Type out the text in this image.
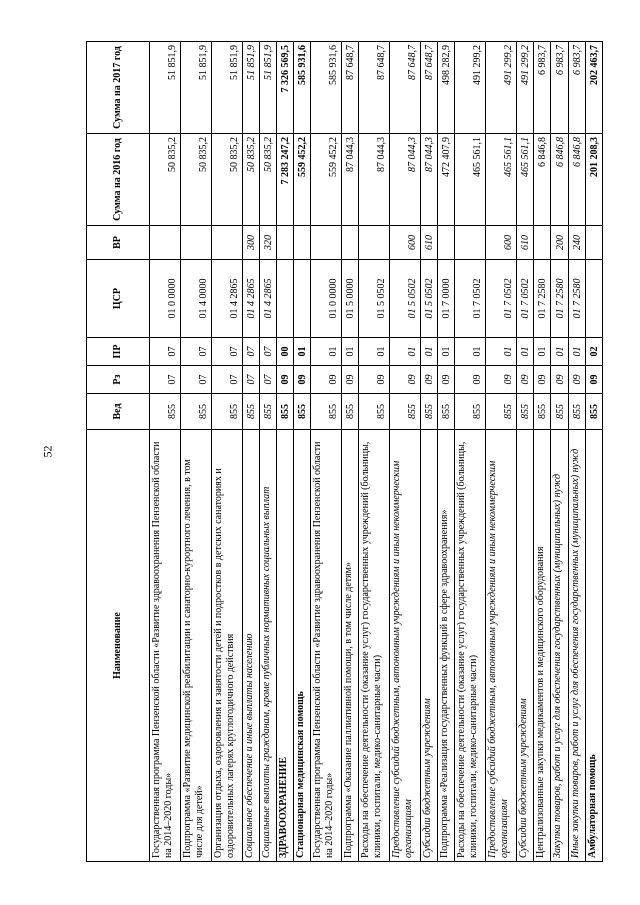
52
Наименование	Вед	Рз	ПР	ЦСР	ВР	Сумма на 2016 год	Сумма на 2017 год
Государственная программа Пензенской области «Развитие здравоохранения Пензенской области на 2014–2020 годы»	855	07	07	01 0 0000		50 835,2	51 851,9
Подпрограмма «Развитие медицинской реабилитации и санаторно-курортного лечения, в том числе для детей»	855	07	07	01 4 0000		50 835,2	51 851,9
Организация отдыха, оздоровления и занятости детей и подростков в детских санаториях и оздоровительных лагерях круглогодичного действия	855	07	07	01 4 2865		50 835,2	51 851,9
Социальное обеспечение и иные выплаты населению	855	07	07	01 4 2865	300	50 835,2	51 851,9
Социальные выплаты гражданам, кроме публичных нормативных социальных выплат	855	07	07	01 4 2865	320	50 835,2	51 851,9
ЗДРАВООХРАНЕНИЕ	855	09	00			7 283 247,2	7 326 569,5
Стационарная медицинская помощь	855	09	01			559 452,2	585 931,6
Государственная программа Пензенской области «Развитие здравоохранения Пензенской области на 2014–2020 годы»	855	09	01	01 0 0000		559 452,2	585 931,6
Подпрограмма «Оказание паллиативной помощи, в том числе детям»	855	09	01	01 5 0000		87 044,3	87 648,7
Расходы на обеспечение деятельности (оказание услуг) государственных учреждений (больницы, клиники, госпитали, медико-санитарные части)	855	09	01	01 5 0502		87 044,3	87 648,7
Предоставление субсидий бюджетным, автономным учреждениям и иным некоммерческим организациям	855	09	01	01 5 0502	600	87 044,3	87 648,7
Субсидии бюджетным учреждениям	855	09	01	01 5 0502	610	87 044,3	87 648,7
Подпрограмма «Реализация государственных функций в сфере здравоохранения»	855	09	01	01 7 0000		472 407,9	498 282,9
Расходы на обеспечение деятельности (оказание услуг) государственных учреждений (больницы, клиники, госпитали, медико-санитарные части)	855	09	01	01 7 0502		465 561,1	491 299,2
Предоставление субсидий бюджетным, автономным учреждениям и иным некоммерческим организациям	855	09	01	01 7 0502	600	465 561,1	491 299,2
Субсидии бюджетным учреждениям	855	09	01	01 7 0502	610	465 561,1	491 299,2
Централизованные закупки медикаментов и медицинского оборудования	855	09	01	01 7 2580		6 846,8	6 983,7
Закупка товаров, работ и услуг для обеспечения государственных (муниципальных) нужд	855	09	01	01 7 2580	200	6 846,8	6 983,7
Иные закупки товаров, работ и услуг для обеспечения государственных (муниципальных) нужд	855	09	01	01 7 2580	240	6 846,8	6 983,7
Амбулаторная помощь	855	09	02			201 208,3	202 463,7
